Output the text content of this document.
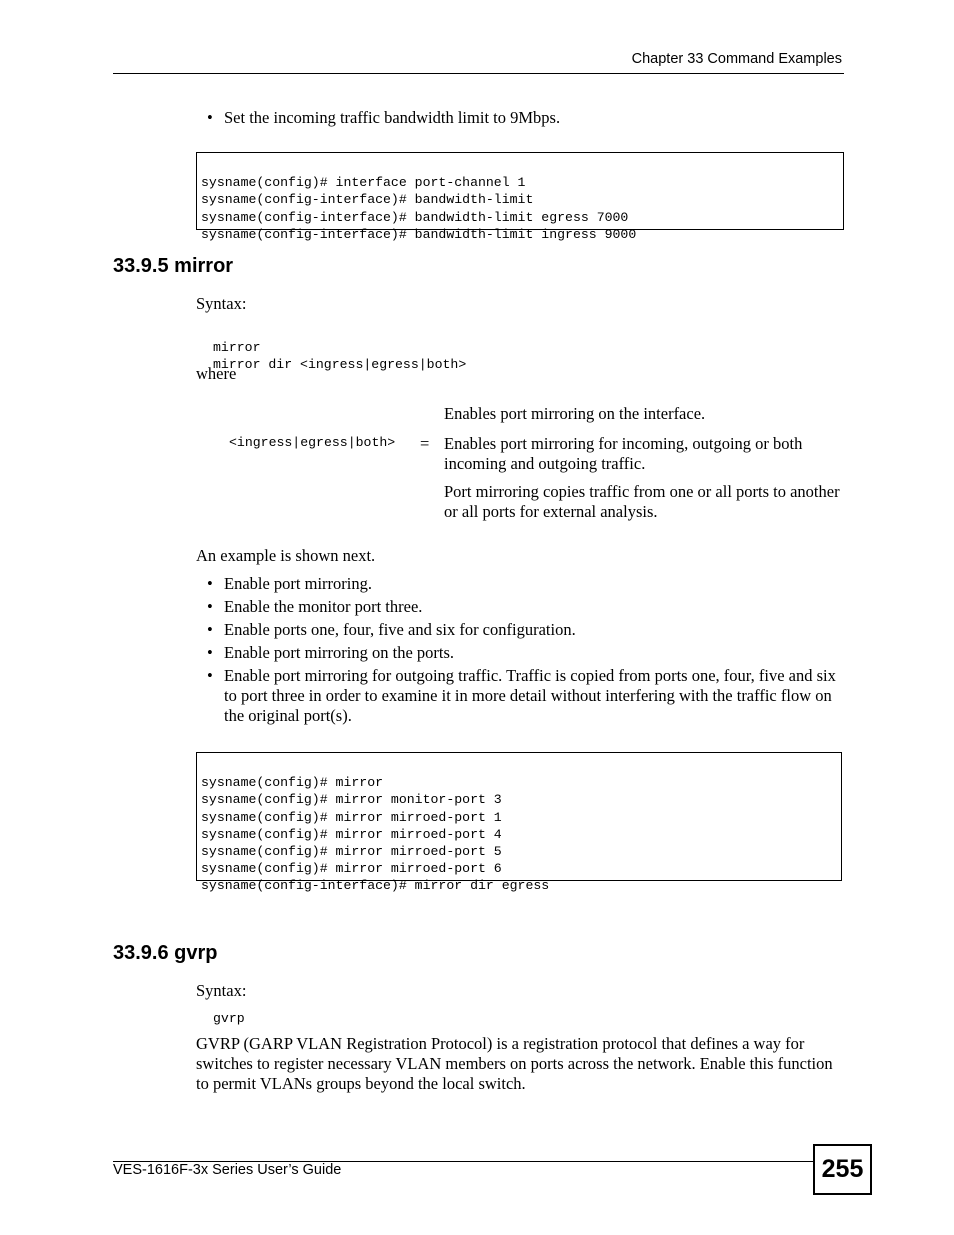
Chapter 33 Command Examples
• Set the incoming traffic bandwidth limit to 9Mbps.

sysname(config)# interface port-channel 1
sysname(config-interface)# bandwidth-limit
sysname(config-interface)# bandwidth-limit egress 7000
sysname(config-interface)# bandwidth-limit ingress 9000
33.9.5 mirror
Syntax:

mirror
mirror dir <ingress|egress|both>
where
Enables port mirroring on the interface.
<ingress|egress|both> = Enables port mirroring for incoming, outgoing or both incoming and outgoing traffic.
Port mirroring copies traffic from one or all ports to another or all ports for external analysis.
An example is shown next.
• Enable port mirroring.
• Enable the monitor port three.
• Enable ports one, four, five and six for configuration.
• Enable port mirroring on the ports.
• Enable port mirroring for outgoing traffic. Traffic is copied from ports one, four, five and six to port three in order to examine it in more detail without interfering with the traffic flow on the original port(s).

sysname(config)# mirror
sysname(config)# mirror monitor-port 3
sysname(config)# mirror mirroed-port 1
sysname(config)# mirror mirroed-port 4
sysname(config)# mirror mirroed-port 5
sysname(config)# mirror mirroed-port 6
sysname(config-interface)# mirror dir egress
33.9.6 gvrp
Syntax:
gvrp
GVRP (GARP VLAN Registration Protocol) is a registration protocol that defines a way for switches to register necessary VLAN members on ports across the network. Enable this function to permit VLANs groups beyond the local switch.
VES-1616F-3x Series User’s Guide	255
